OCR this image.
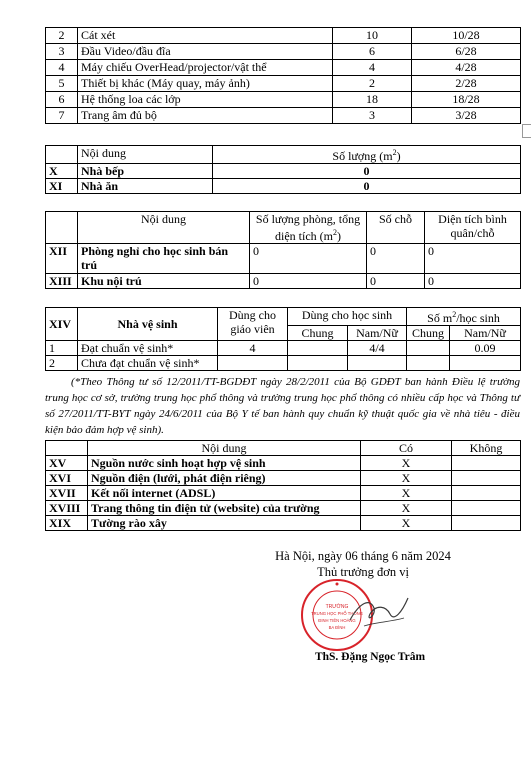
2	Cát xét	10	10/28
3	Đầu Video/đầu đĩa	6	6/28
4	Máy chiếu OverHead/projector/vật thể	4	4/28
5	Thiết bị khác (Máy quay, máy ảnh)	2	2/28
6	Hệ thống loa các lớp	18	18/28
7	Trang âm đủ bộ	3	3/28
	Nội dung	Số lượng $(m^2)$
X	Nhà bếp	0
XI	Nhà ăn	0
	Nội dung	Số lượng phòng, tổng diện tích $(m^2)$	Số chỗ	Diện tích bình quân/chỗ
XII	Phòng nghỉ cho học sinh bán trú	0	0	0
XIII	Khu nội trú	0	0	0
XIV	Nhà vệ sinh	Dùng cho giáo viên	Dùng cho học sinh		Số $m^2$/học sinh	
			Chung	Nam/Nữ	Chung	Nam/Nữ
1	Đạt chuẩn vệ sinh*	4		4/4		0.09
2	Chưa đạt chuẩn vệ sinh*					
(*Theo Thông tư số 12/2011/TT-BGDĐT ngày 28/2/2011 của Bộ GDĐT ban hành Điều lệ trường trung học cơ sở, trường trung học phổ thông và trường trung học phổ thông có nhiều cấp học và Thông tư số 27/2011/TT-BYT ngày 24/6/2011 của Bộ Y tế ban hành quy chuẩn kỹ thuật quốc gia về nhà tiêu - điều kiện bảo đảm hợp vệ sinh).
	Nội dung	Có	Không
XV	Nguồn nước sinh hoạt hợp vệ sinh	X	
XVI	Nguồn điện (lưới, phát điện riêng)	X	
XVII	Kết nối internet (ADSL)	X	
XVIII	Trang thông tin điện tử (website) của trường	X	
XIX	Tường rào xây	X	
Hà Nội, ngày 06 tháng 6 năm 2024
Thủ trưởng đơn vị
TRƯỜNG
TRUNG HỌC PHỔ THÔNG
ĐINH TIÊN HOÀNG
BA ĐÌNH
ThS. Đặng Ngọc Trâm
